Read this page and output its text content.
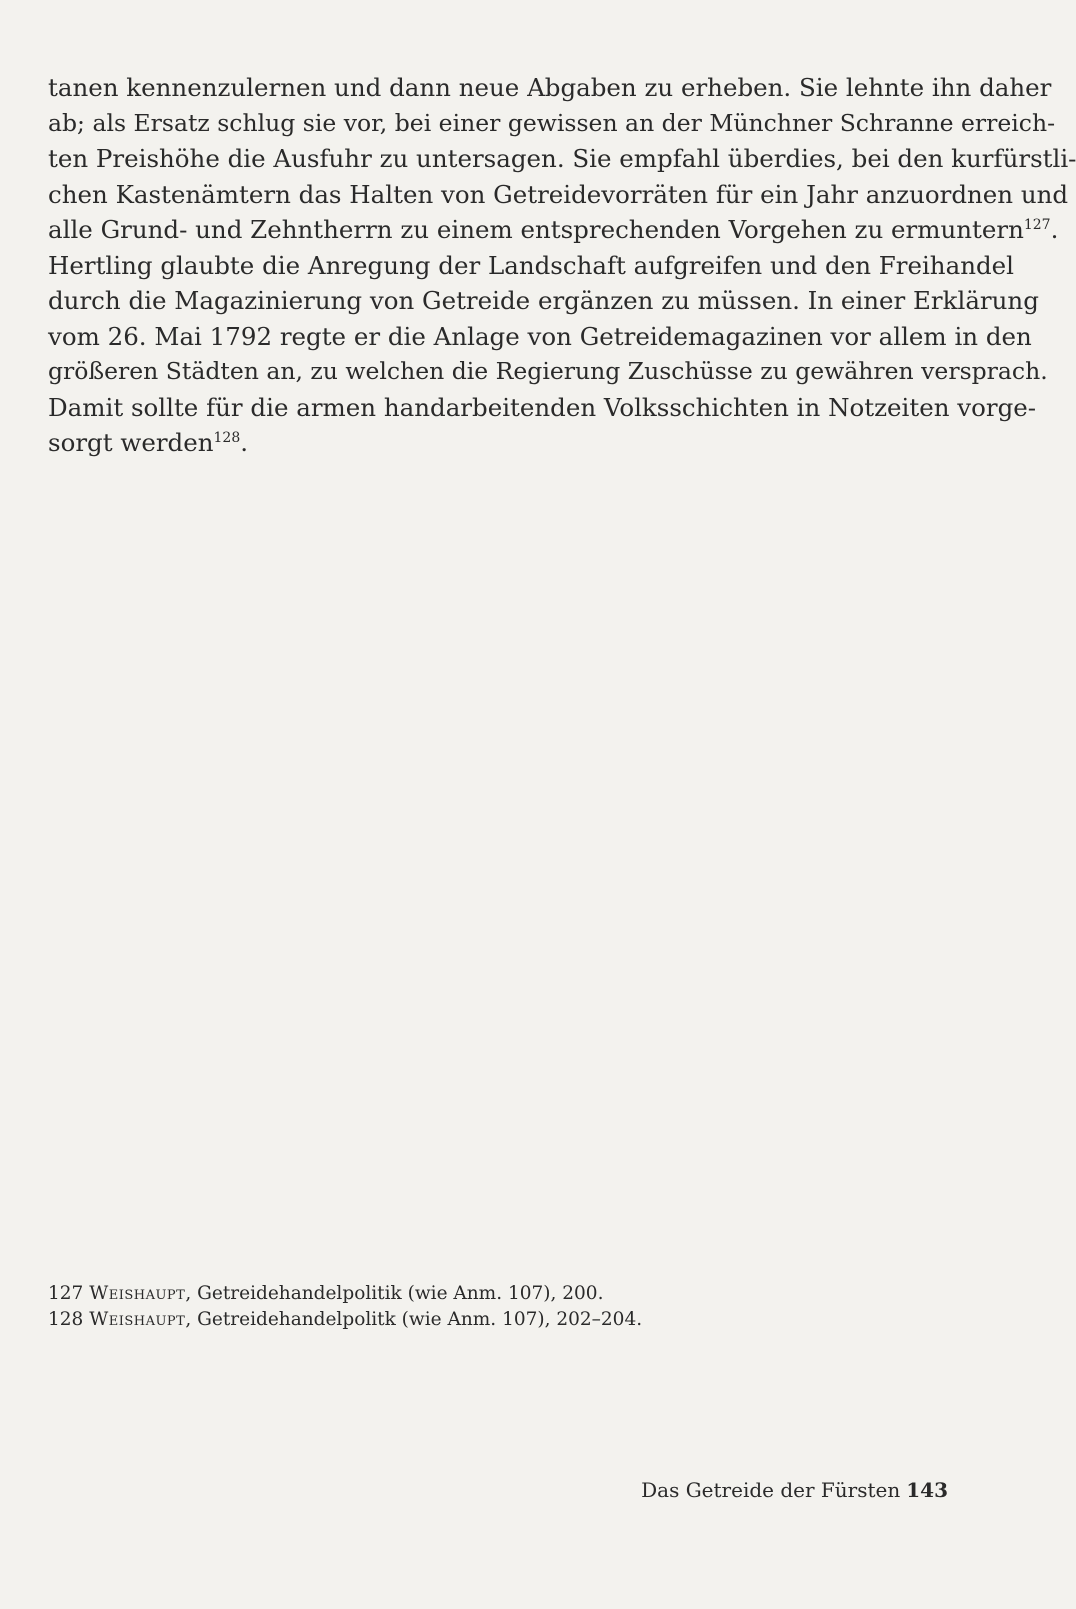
tanen kennenzulernen und dann neue Abgaben zu erheben. Sie lehnte ihn daher
ab; als Ersatz schlug sie vor, bei einer gewissen an der Münchner Schranne erreich-
ten Preishöhe die Ausfuhr zu untersagen. Sie empfahl überdies, bei den kurfürstli-
chen Kastenämtern das Halten von Getreidevorräten für ein Jahr anzuordnen und
alle Grund- und Zehntherrn zu einem entsprechenden Vorgehen zu ermuntern$^{127}$.
Hertling glaubte die Anregung der Landschaft aufgreifen und den Freihandel
durch die Magazinierung von Getreide ergänzen zu müssen. In einer Erklärung
vom 26. Mai 1792 regte er die Anlage von Getreidemagazinen vor allem in den
größeren Städten an, zu welchen die Regierung Zuschüsse zu gewähren versprach.
Damit sollte für die armen handarbeitenden Volksschichten in Notzeiten vorge-
sorgt werden$^{128}$.
127 Weishaupt, Getreidehandelpolitik (wie Anm. 107), 200.
128 Weishaupt, Getreidehandelpolitk (wie Anm. 107), 202–204.
Das Getreide der Fürsten 143
